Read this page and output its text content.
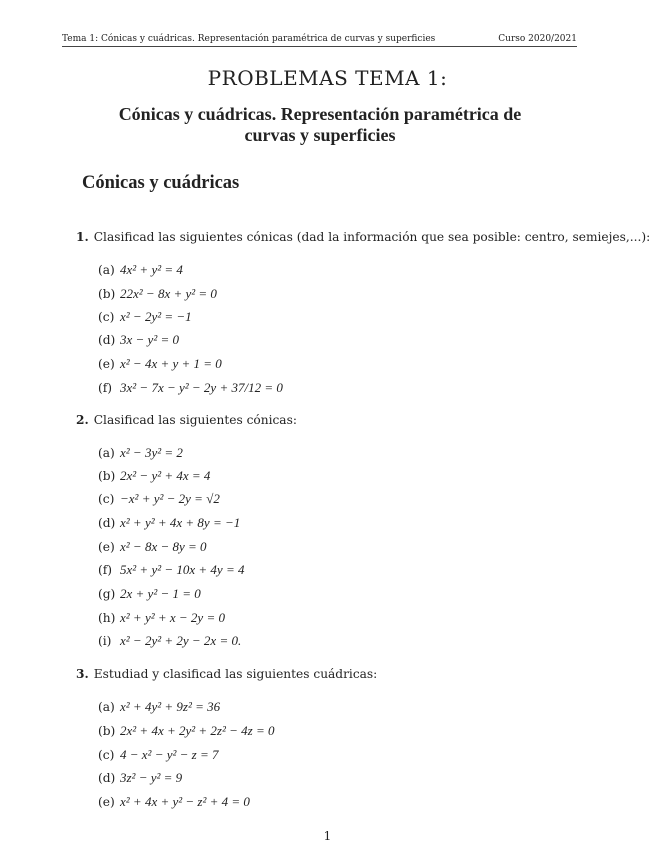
Tema 1: Cónicas y cuádricas. Representación paramétrica de curvas y superficies	Curso 2020/2021
PROBLEMAS TEMA 1:
Cónicas y cuádricas. Representación paramétrica de
curvas y superficies
Cónicas y cuádricas
1. Clasificad las siguientes cónicas (dad la información que sea posible: centro, semiejes,...):
(a) 4x² + y² = 4
(b) 22x² − 8x + y² = 0
(c) x² − 2y² = −1
(d) 3x − y² = 0
(e) x² − 4x + y + 1 = 0
(f) 3x² − 7x − y² − 2y + 37/12 = 0
2. Clasificad las siguientes cónicas:
(a) x² − 3y² = 2
(b) 2x² − y² + 4x = 4
(c) −x² + y² − 2y = √2
(d) x² + y² + 4x + 8y = −1
(e) x² − 8x − 8y = 0
(f) 5x² + y² − 10x + 4y = 4
(g) 2x + y² − 1 = 0
(h) x² + y² + x − 2y = 0
(i) x² − 2y² + 2y − 2x = 0.
3. Estudiad y clasificad las siguientes cuádricas:
(a) x² + 4y² + 9z² = 36
(b) 2x² + 4x + 2y² + 2z² − 4z = 0
(c) 4 − x² − y² − z = 7
(d) 3z² − y² = 9
(e) x² + 4x + y² − z² + 4 = 0
1
